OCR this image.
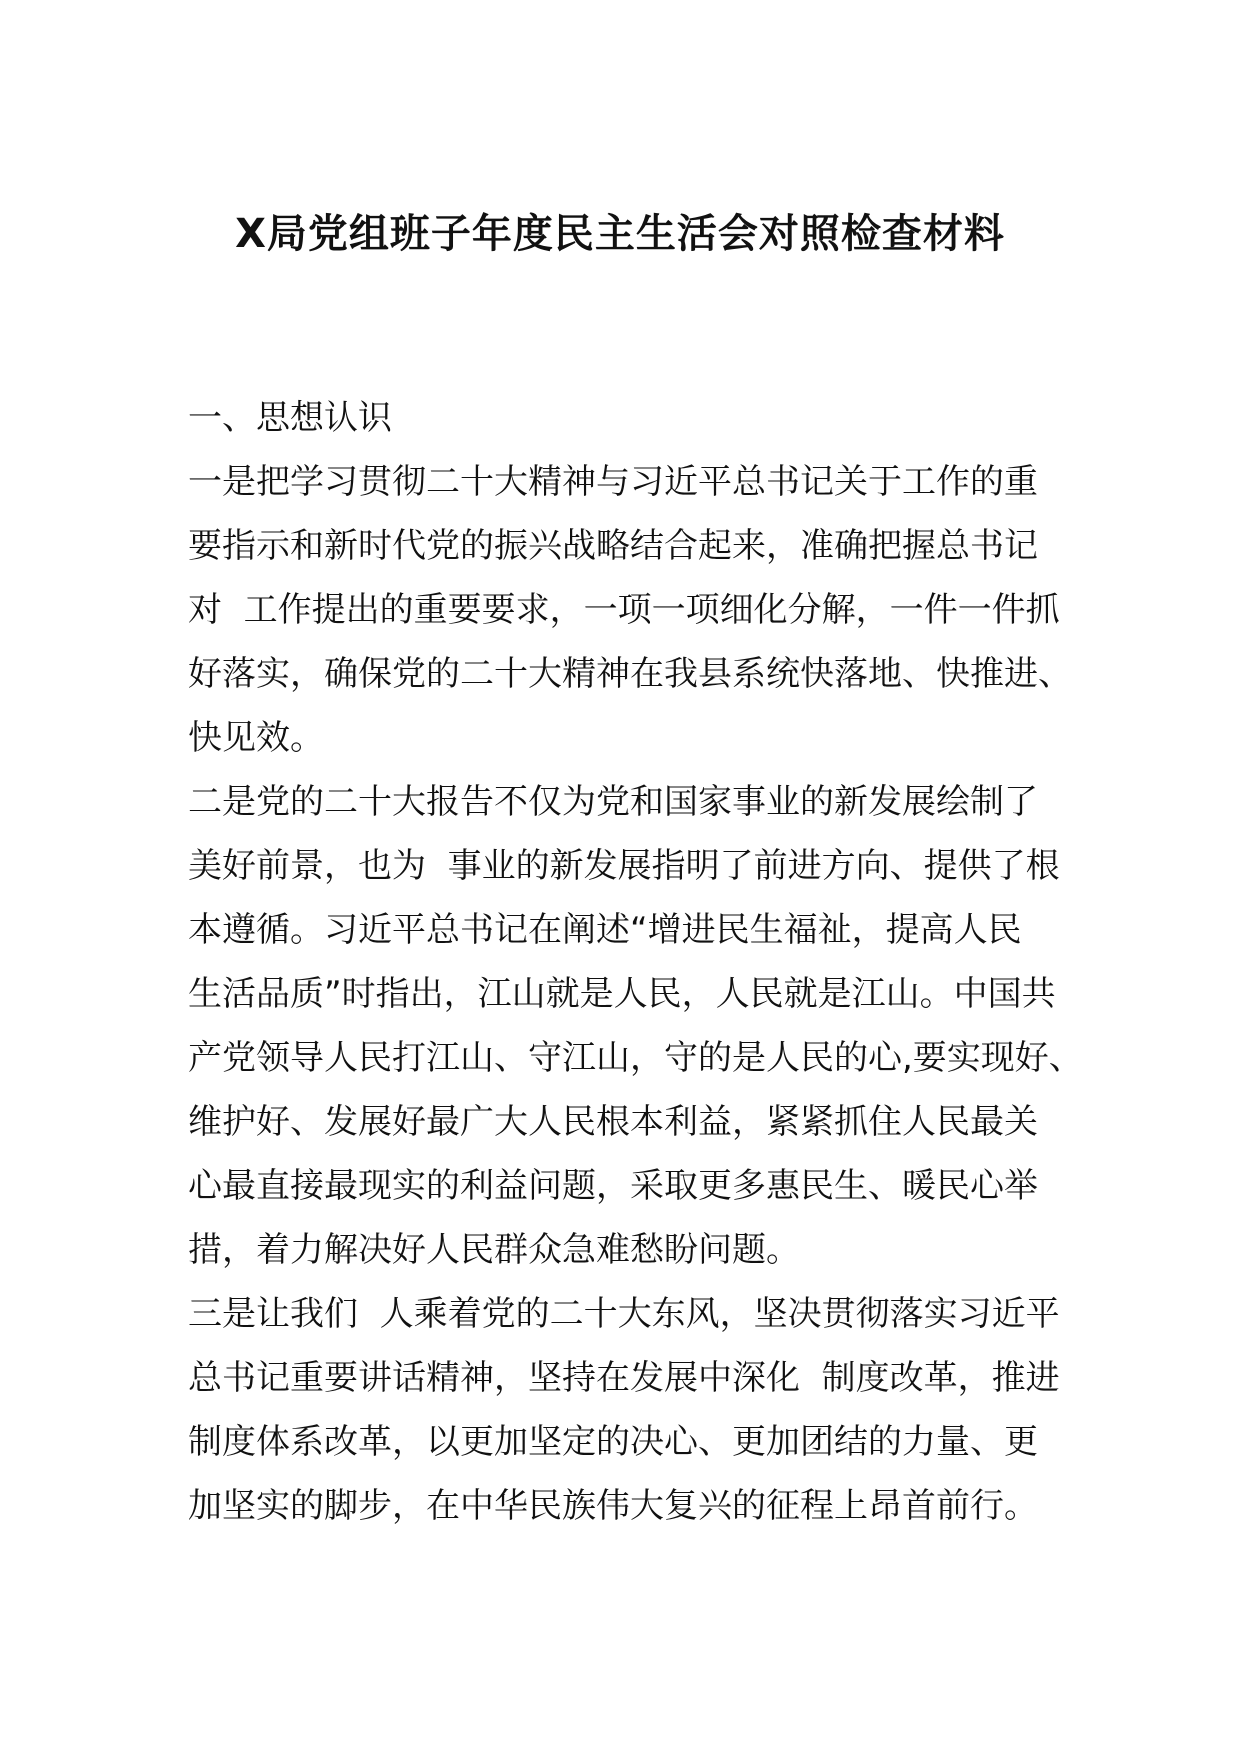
X局党组班子年度民主生活会对照检查材料

一、思想认识

一是把学习贯彻二十大精神与习近平总书记关于工作的重

要指示和新时代党的振兴战略结合起来，准确把握总书记

对  工作提出的重要要求，一项一项细化分解，一件一件抓

好落实，确保党的二十大精神在我县系统快落地、快推进、

快见效。

二是党的二十大报告不仅为党和国家事业的新发展绘制了

美好前景，也为  事业的新发展指明了前进方向、提供了根

本遵循。习近平总书记在阐述“增进民生福祉，提高人民

生活品质”时指出，江山就是人民，人民就是江山。中国共

产党领导人民打江山、守江山，守的是人民的心,要实现好、

维护好、发展好最广大人民根本利益，紧紧抓住人民最关

心最直接最现实的利益问题，采取更多惠民生、暖民心举

措，着力解决好人民群众急难愁盼问题。

三是让我们  人乘着党的二十大东风，坚决贯彻落实习近平

总书记重要讲话精神，坚持在发展中深化  制度改革，推进

制度体系改革，以更加坚定的决心、更加团结的力量、更

加坚实的脚步，在中华民族伟大复兴的征程上昂首前行。
